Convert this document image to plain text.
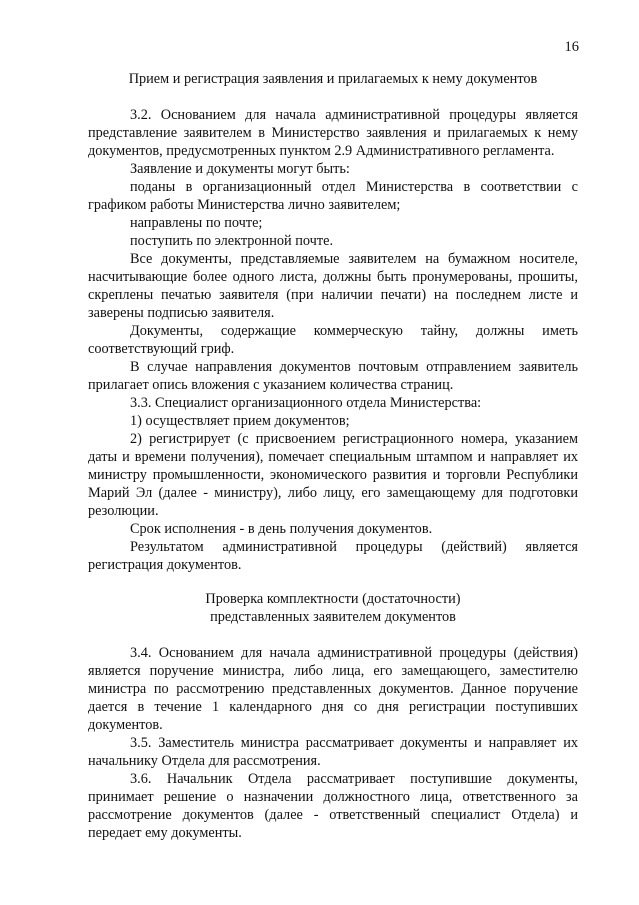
16
Прием и регистрация заявления и прилагаемых к нему документов

3.2. Основанием для начала административной процедуры является представление заявителем в Министерство заявления и прилагаемых к нему документов, предусмотренных пунктом 2.9 Административного регламента.

Заявление и документы могут быть:

поданы в организационный отдел Министерства в соответствии с графиком работы Министерства лично заявителем;

направлены по почте;

поступить по электронной почте.

Все документы, представляемые заявителем на бумажном носителе, насчитывающие более одного листа, должны быть пронумерованы, прошиты, скреплены печатью заявителя (при наличии печати) на последнем листе и заверены подписью заявителя.

Документы, содержащие коммерческую тайну, должны иметь соответствующий гриф.

В случае направления документов почтовым отправлением заявитель прилагает опись вложения с указанием количества страниц.

3.3. Специалист организационного отдела Министерства:

1) осуществляет прием документов;

2) регистрирует (с присвоением регистрационного номера, указанием даты и времени получения), помечает специальным штампом и направляет их министру промышленности, экономического развития и торговли Республики Марий Эл (далее - министру), либо лицу, его замещающему для подготовки резолюции.

Срок исполнения - в день получения документов.

Результатом административной процедуры (действий) является регистрация документов.

Проверка комплектности (достаточности) представленных заявителем документов

3.4. Основанием для начала административной процедуры (действия) является поручение министра, либо лица, его замещающего, заместителю министра по рассмотрению представленных документов. Данное поручение дается в течение 1 календарного дня со дня регистрации поступивших документов.

3.5. Заместитель министра рассматривает документы и направляет их начальнику Отдела для рассмотрения.

3.6. Начальник Отдела рассматривает поступившие документы, принимает решение о назначении должностного лица, ответственного за рассмотрение документов (далее - ответственный специалист Отдела) и передает ему документы.
